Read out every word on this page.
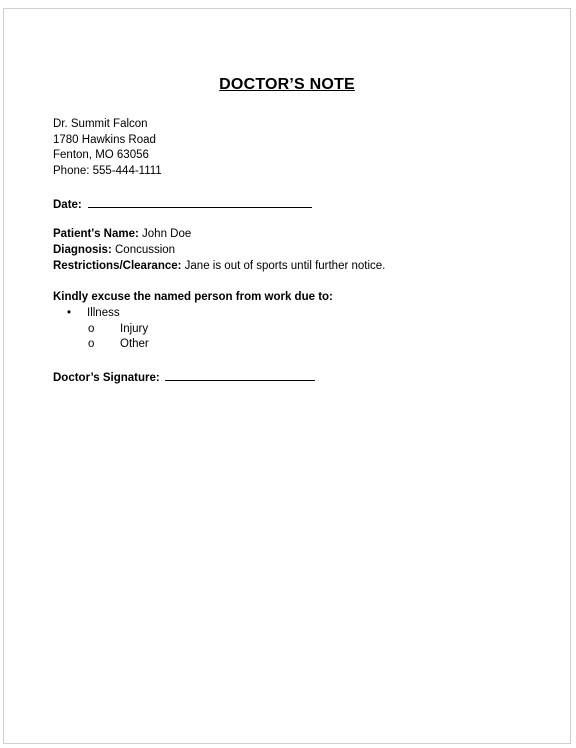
DOCTOR’S NOTE
Dr. Summit Falcon
1780 Hawkins Road
Fenton, MO 63056
Phone: 555-444-1111
Date:
Patient's Name: John Doe
Diagnosis: Concussion
Restrictions/Clearance: Jane is out of sports until further notice.
Kindly excuse the named person from work due to:
• Illness
o Injury
o Other
Doctor’s Signature:
